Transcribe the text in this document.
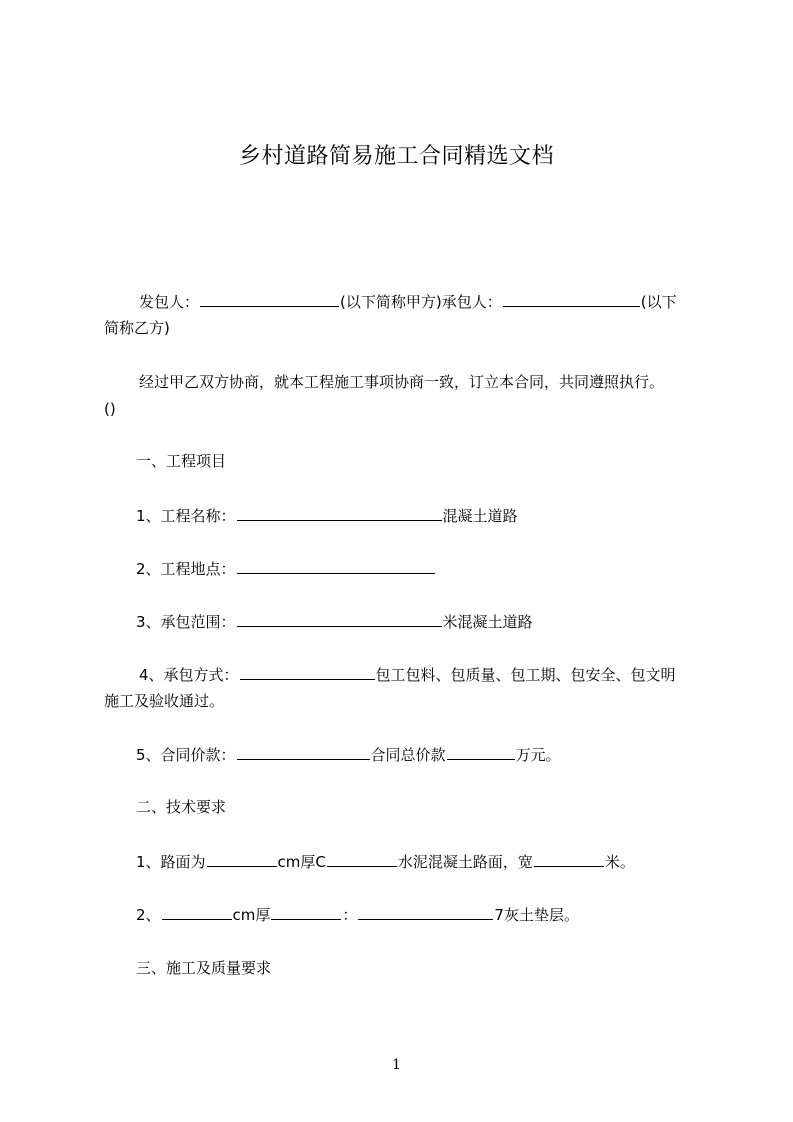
乡村道路简易施工合同精选文档
发包人：	(以下简称甲方)承包人：	(以下
简称乙方)
经过甲乙双方协商，就本工程施工事项协商一致，订立本合同，共同遵照执行。
()
一、工程项目
1、工程名称：	混凝土道路
2、工程地点：
3、承包范围：	米混凝土道路
4、承包方式：	包工包料、包质量、包工期、包安全、包文明
施工及验收通过。
5、合同价款：	合同总价款	万元。
二、技术要求
1、路面为	cm厚C	水泥混凝土路面，宽	米。
2、	cm厚	：	7灰土垫层。
三、施工及质量要求
1
